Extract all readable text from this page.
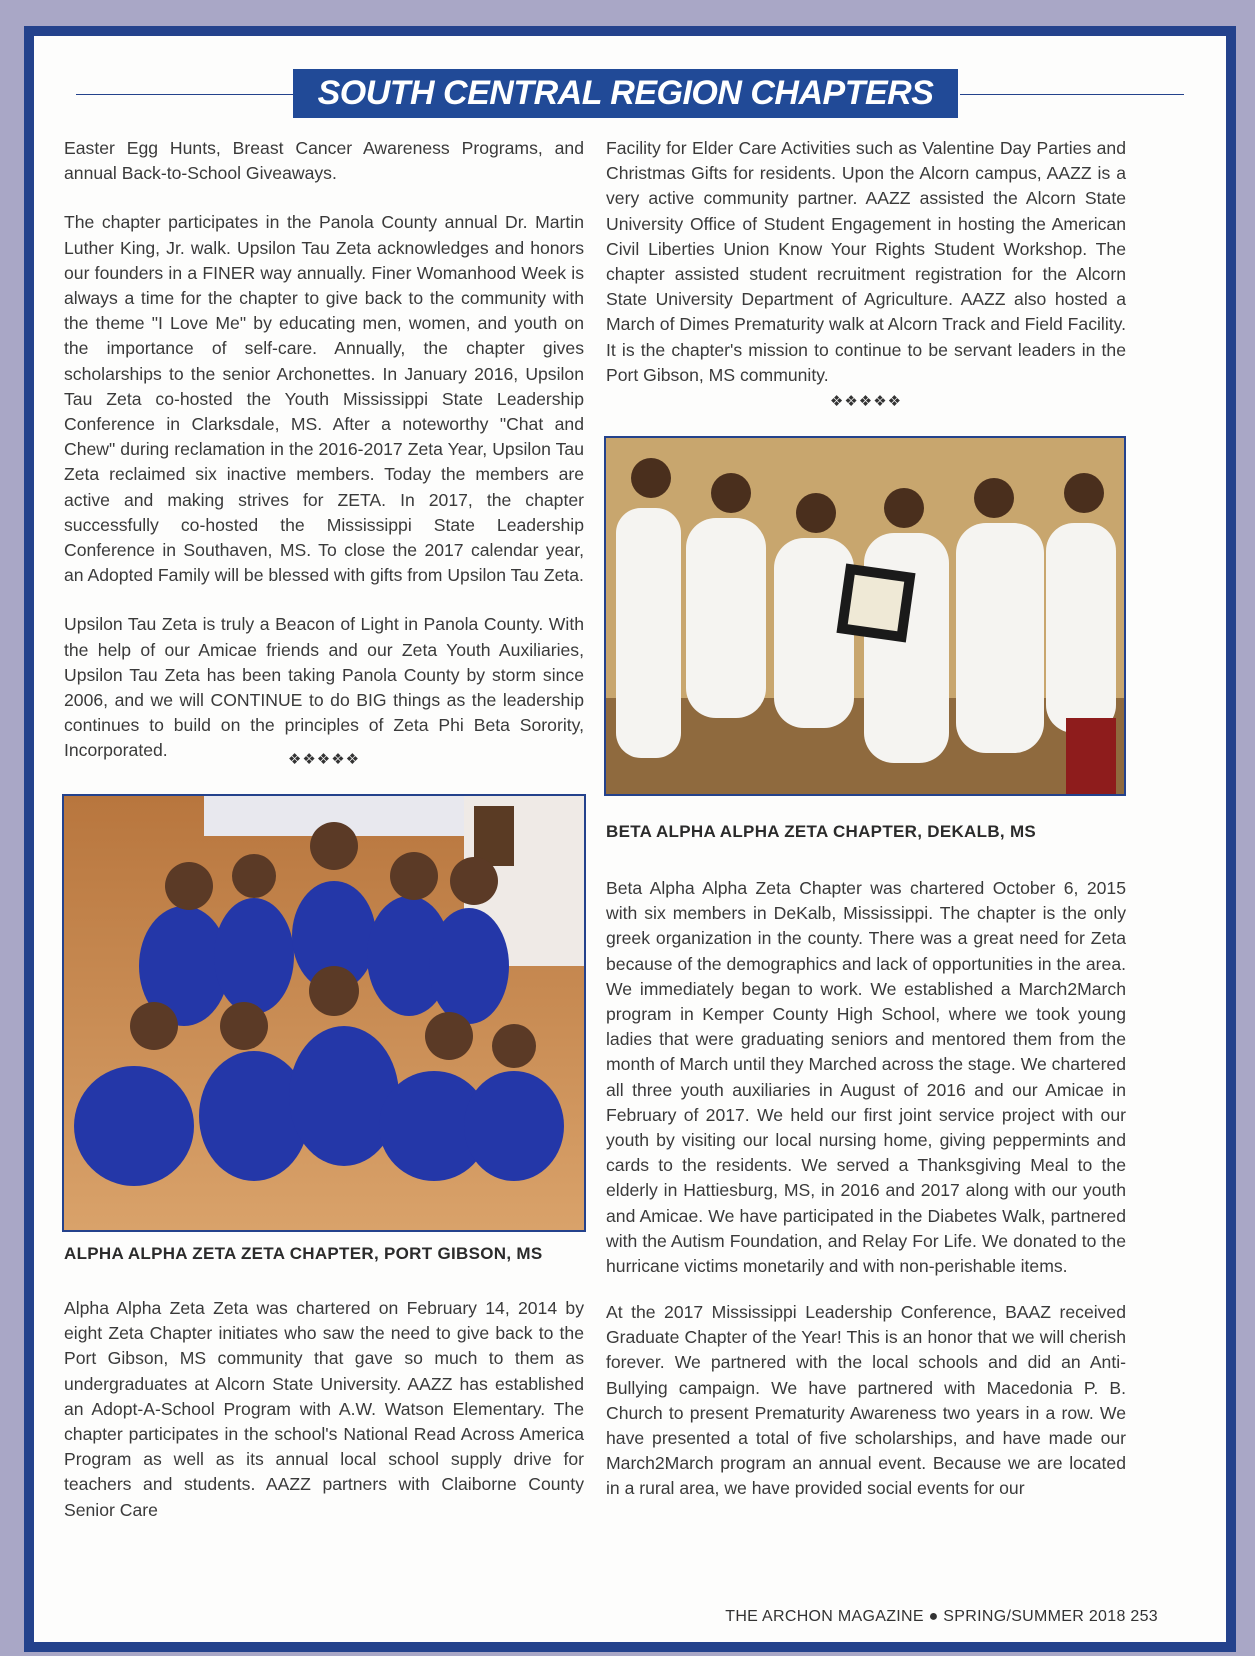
SOUTH CENTRAL REGION CHAPTERS

Easter Egg Hunts, Breast Cancer Awareness Programs, and annual Back-to-School Giveaways.

The chapter participates in the Panola County annual Dr. Martin Luther King, Jr. walk. Upsilon Tau Zeta acknowledges and honors our founders in a FINER way annually. Finer Womanhood Week is always a time for the chapter to give back to the community with the theme "I Love Me" by educating men, women, and youth on the importance of self-care. Annually, the chapter gives scholarships to the senior Archonettes. In January 2016, Upsilon Tau Zeta co-hosted the Youth Mississippi State Leadership Conference in Clarksdale, MS. After a noteworthy "Chat and Chew" during reclamation in the 2016-2017 Zeta Year, Upsilon Tau Zeta reclaimed six inactive members. Today the members are active and making strives for ZETA. In 2017, the chapter successfully co-hosted the Mississippi State Leadership Conference in Southaven, MS. To close the 2017 calendar year, an Adopted Family will be blessed with gifts from Upsilon Tau Zeta.

Upsilon Tau Zeta is truly a Beacon of Light in Panola County. With the help of our Amicae friends and our Zeta Youth Auxiliaries, Upsilon Tau Zeta has been taking Panola County by storm since 2006, and we will CONTINUE to do BIG things as the leadership continues to build on the principles of Zeta Phi Beta Sorority, Incorporated.	❖❖❖❖❖
ALPHA ALPHA ZETA ZETA CHAPTER, PORT GIBSON, MS
Alpha Alpha Zeta Zeta was chartered on February 14, 2014 by eight Zeta Chapter initiates who saw the need to give back to the Port Gibson, MS community that gave so much to them as undergraduates at Alcorn State University. AAZZ has established an Adopt-A-School Program with A.W. Watson Elementary. The chapter participates in the school's National Read Across America Program as well as its annual local school supply drive for teachers and students. AAZZ partners with Claiborne County Senior Care
Facility for Elder Care Activities such as Valentine Day Parties and Christmas Gifts for residents. Upon the Alcorn campus, AAZZ is a very active community partner. AAZZ assisted the Alcorn State University Office of Student Engagement in hosting the American Civil Liberties Union Know Your Rights Student Workshop. The chapter assisted student recruitment registration for the Alcorn State University Department of Agriculture. AAZZ also hosted a March of Dimes Prematurity walk at Alcorn Track and Field Facility. It is the chapter's mission to continue to be servant leaders in the Port Gibson, MS community.
❖❖❖❖❖
BETA ALPHA ALPHA ZETA CHAPTER, DEKALB, MS
Beta Alpha Alpha Zeta Chapter was chartered October 6, 2015 with six members in DeKalb, Mississippi. The chapter is the only greek organization in the county. There was a great need for Zeta because of the demographics and lack of opportunities in the area. We immediately began to work. We established a March2March program in Kemper County High School, where we took young ladies that were graduating seniors and mentored them from the month of March until they Marched across the stage. We chartered all three youth auxiliaries in August of 2016 and our Amicae in February of 2017. We held our first joint service project with our youth by visiting our local nursing home, giving peppermints and cards to the residents. We served a Thanksgiving Meal to the elderly in Hattiesburg, MS, in 2016 and 2017 along with our youth and Amicae. We have participated in the Diabetes Walk, partnered with the Autism Foundation, and Relay For Life. We donated to the hurricane victims monetarily and with non-perishable items.
At the 2017 Mississippi Leadership Conference, BAAZ received Graduate Chapter of the Year! This is an honor that we will cherish forever. We partnered with the local schools and did an Anti-Bullying campaign. We have partnered with Macedonia P. B. Church to present Prematurity Awareness two years in a row. We have presented a total of five scholarships, and have made our March2March program an annual event. Because we are located in a rural area, we have provided social events for our
THE ARCHON MAGAZINE ● SPRING/SUMMER 2018 253
